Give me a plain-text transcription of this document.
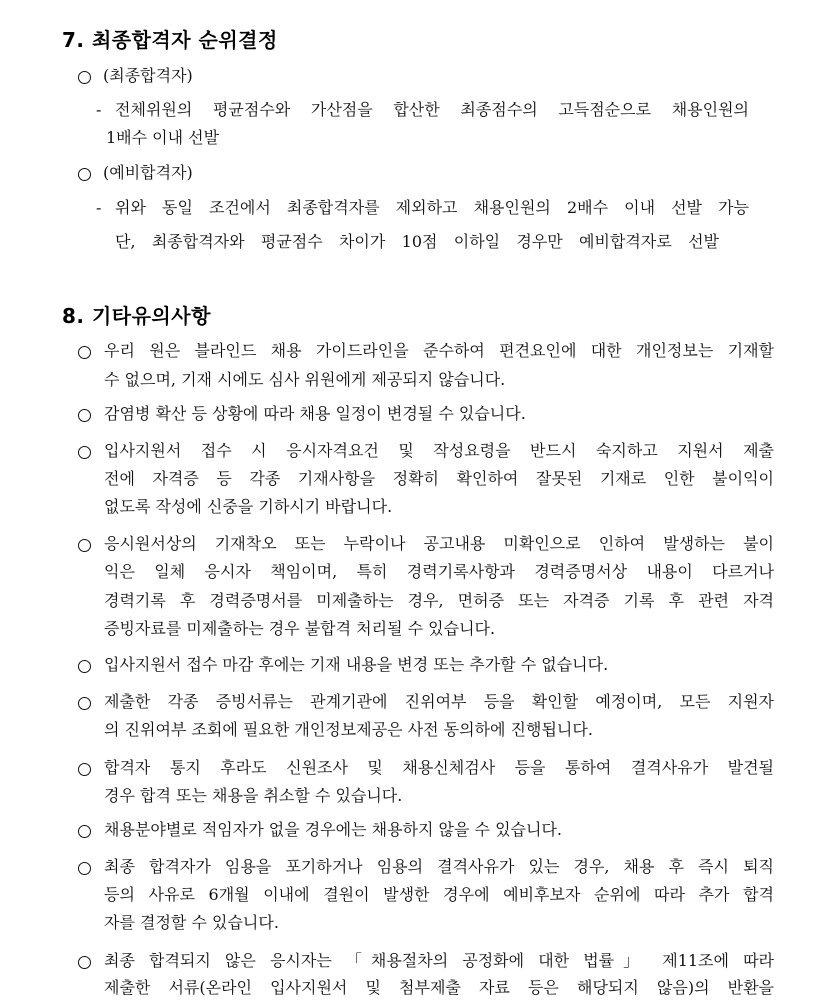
7. 최종합격자 순위결정
(최종합격자)
- 전체위원의 평균점수와 가산점을 합산한 최종점수의 고득점순으로 채용인원의
1배수 이내 선발
(예비합격자)
- 위와 동일 조건에서 최종합격자를 제외하고 채용인원의 2배수 이내 선발 가능
단, 최종합격자와 평균점수 차이가 10점 이하일 경우만 예비합격자로 선발
8. 기타유의사항
우리 원은 블라인드 채용 가이드라인을 준수하여 편견요인에 대한 개인정보는 기재할
수 없으며, 기재 시에도 심사 위원에게 제공되지 않습니다.
감염병 확산 등 상황에 따라 채용 일정이 변경될 수 있습니다.
입사지원서 접수 시 응시자격요건 및 작성요령을 반드시 숙지하고 지원서 제출
전에 자격증 등 각종 기재사항을 정확히 확인하여 잘못된 기재로 인한 불이익이
없도록 작성에 신중을 기하시기 바랍니다.
응시원서상의 기재착오 또는 누락이나 공고내용 미확인으로 인하여 발생하는 불이
익은 일체 응시자 책임이며, 특히 경력기록사항과 경력증명서상 내용이 다르거나
경력기록 후 경력증명서를 미제출하는 경우, 면허증 또는 자격증 기록 후 관련 자격
증빙자료를 미제출하는 경우 불합격 처리될 수 있습니다.
입사지원서 접수 마감 후에는 기재 내용을 변경 또는 추가할 수 없습니다.
제출한 각종 증빙서류는 관계기관에 진위여부 등을 확인할 예정이며, 모든 지원자
의 진위여부 조회에 필요한 개인정보제공은 사전 동의하에 진행됩니다.
합격자 통지 후라도 신원조사 및 채용신체검사 등을 통하여 결격사유가 발견될
경우 합격 또는 채용을 취소할 수 있습니다.
채용분야별로 적임자가 없을 경우에는 채용하지 않을 수 있습니다.
최종 합격자가 임용을 포기하거나 임용의 결격사유가 있는 경우, 채용 후 즉시 퇴직
등의 사유로 6개월 이내에 결원이 발생한 경우에 예비후보자 순위에 따라 추가 합격
자를 결정할 수 있습니다.
최종 합격되지 않은 응시자는 「채용절차의 공정화에 대한 법률」 제11조에 따라
제출한 서류(온라인 입사지원서 및 첨부제출 자료 등은 해당되지 않음)의 반환을
